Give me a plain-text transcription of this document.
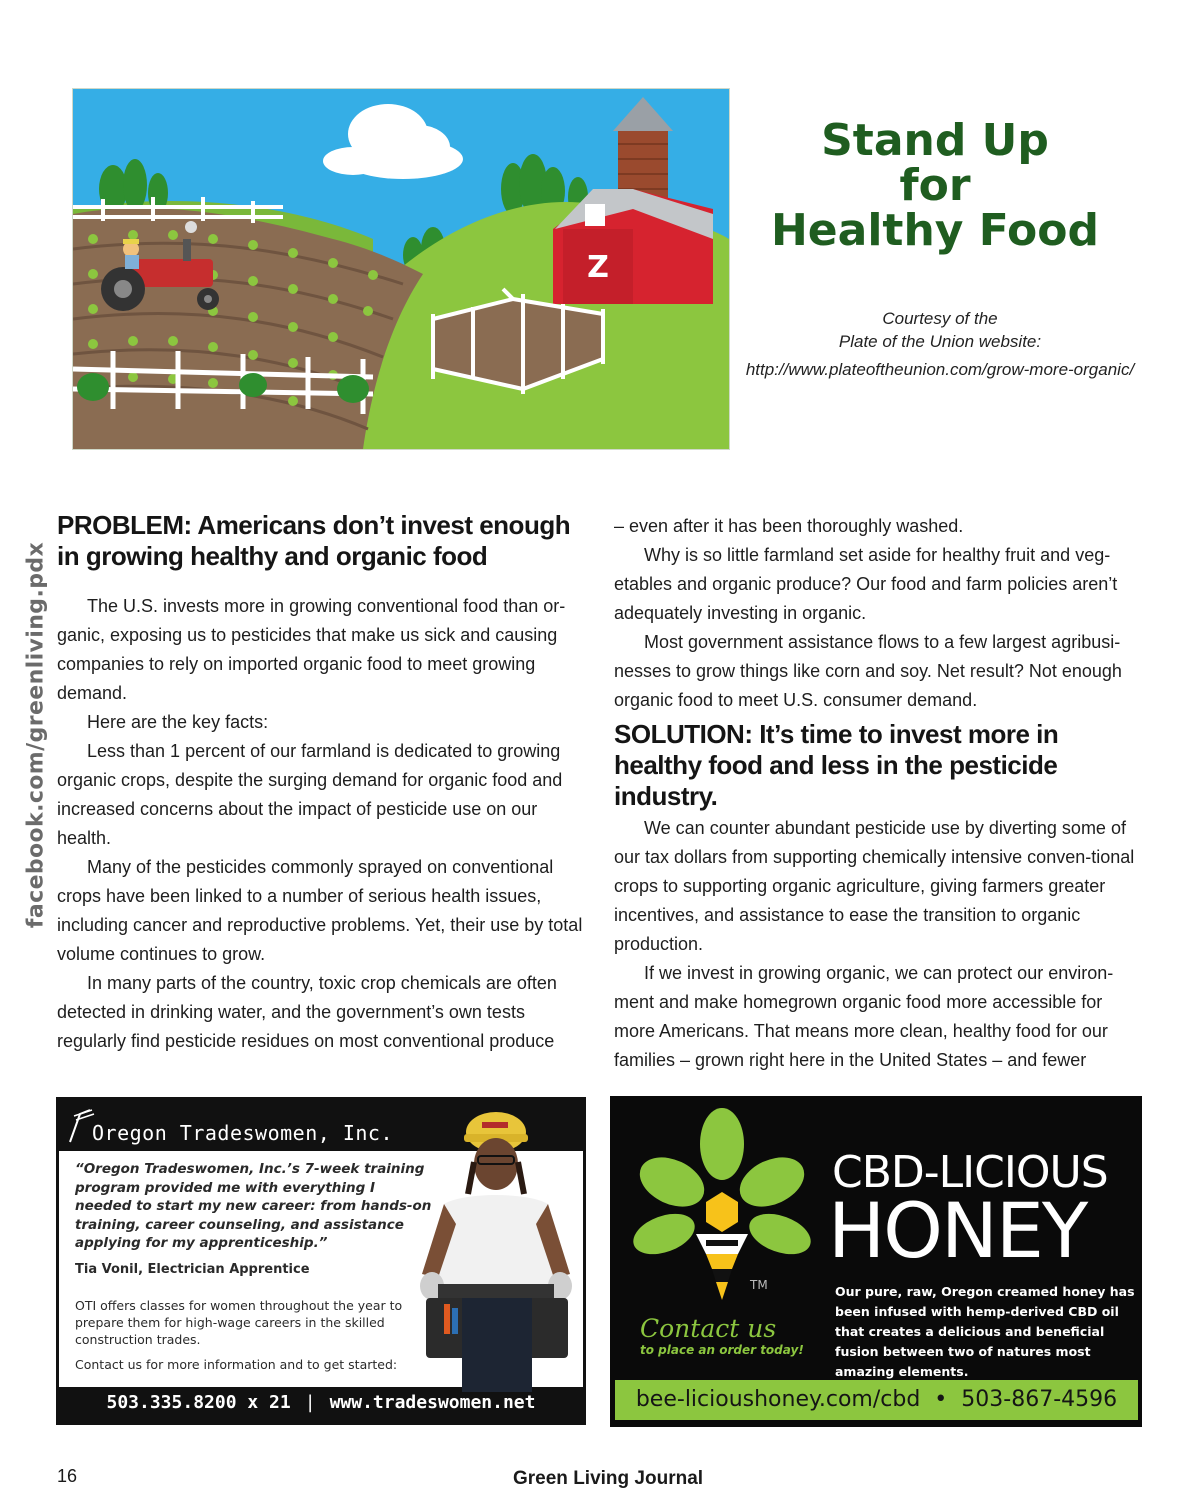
Z
Stand Up
for
Healthy Food
Courtesy of the
Plate of the Union website:
http://www.plateoftheunion.com/grow-more-organic/
facebook.com/greenliving.pdx
PROBLEM: Americans don’t invest enough in growing healthy and organic food

The U.S. invests more in growing conventional food than or-ganic, exposing us to pesticides that make us sick and causing companies to rely on imported organic food to meet growing demand.

Here are the key facts:

Less than 1 percent of our farmland is dedicated to growing organic crops, despite the surging demand for organic food and increased concerns about the impact of pesticide use on our health.

Many of the pesticides commonly sprayed on conventional crops have been linked to a number of serious health issues, including cancer and reproductive problems. Yet, their use by total volume continues to grow.

In many parts of the country, toxic crop chemicals are often detected in drinking water, and the government’s own tests regularly find pesticide residues on most conventional produce

– even after it has been thoroughly washed.

Why is so little farmland set aside for healthy fruit and veg-etables and organic produce? Our food and farm policies aren’t adequately investing in organic.

Most government assistance flows to a few largest agribusi-nesses to grow things like corn and soy. Net result? Not enough organic food to meet U.S. consumer demand.

SOLUTION: It’s time to invest more in healthy food and less in the pesticide industry.

We can counter abundant pesticide use by diverting some of our tax dollars from supporting chemically intensive conven-tional crops to supporting organic agriculture, giving farmers greater incentives, and assistance to ease the transition to organic production.

If we invest in growing organic, we can protect our environ-ment and make homegrown organic food more accessible for more Americans. That means more clean, healthy food for our families – grown right here in the United States – and fewer

Oregon Tradeswomen, Inc.
“Oregon Tradeswomen, Inc.’s 7-week training program provided me with everything I needed to start my new career: from hands-on training, career counseling, and assistance applying for my apprenticeship.”
Tia Vonil, Electrician Apprentice
OTI offers classes for women throughout the year to prepare them for high-wage careers in the skilled construction trades.
Contact us for more information and to get started:
503.335.8200 x 21 | www.tradeswomen.net
CBD-LICIOUS
HONEY
TM	Our pure, raw, Oregon creamed honey has been infused with hemp-derived CBD oil that creates a delicious and beneficial fusion between two of natures most amazing elements.
Contact us
to place an order today!
bee-licioushoney.com/cbd • 503-867-4596
16	Green Living Journal
